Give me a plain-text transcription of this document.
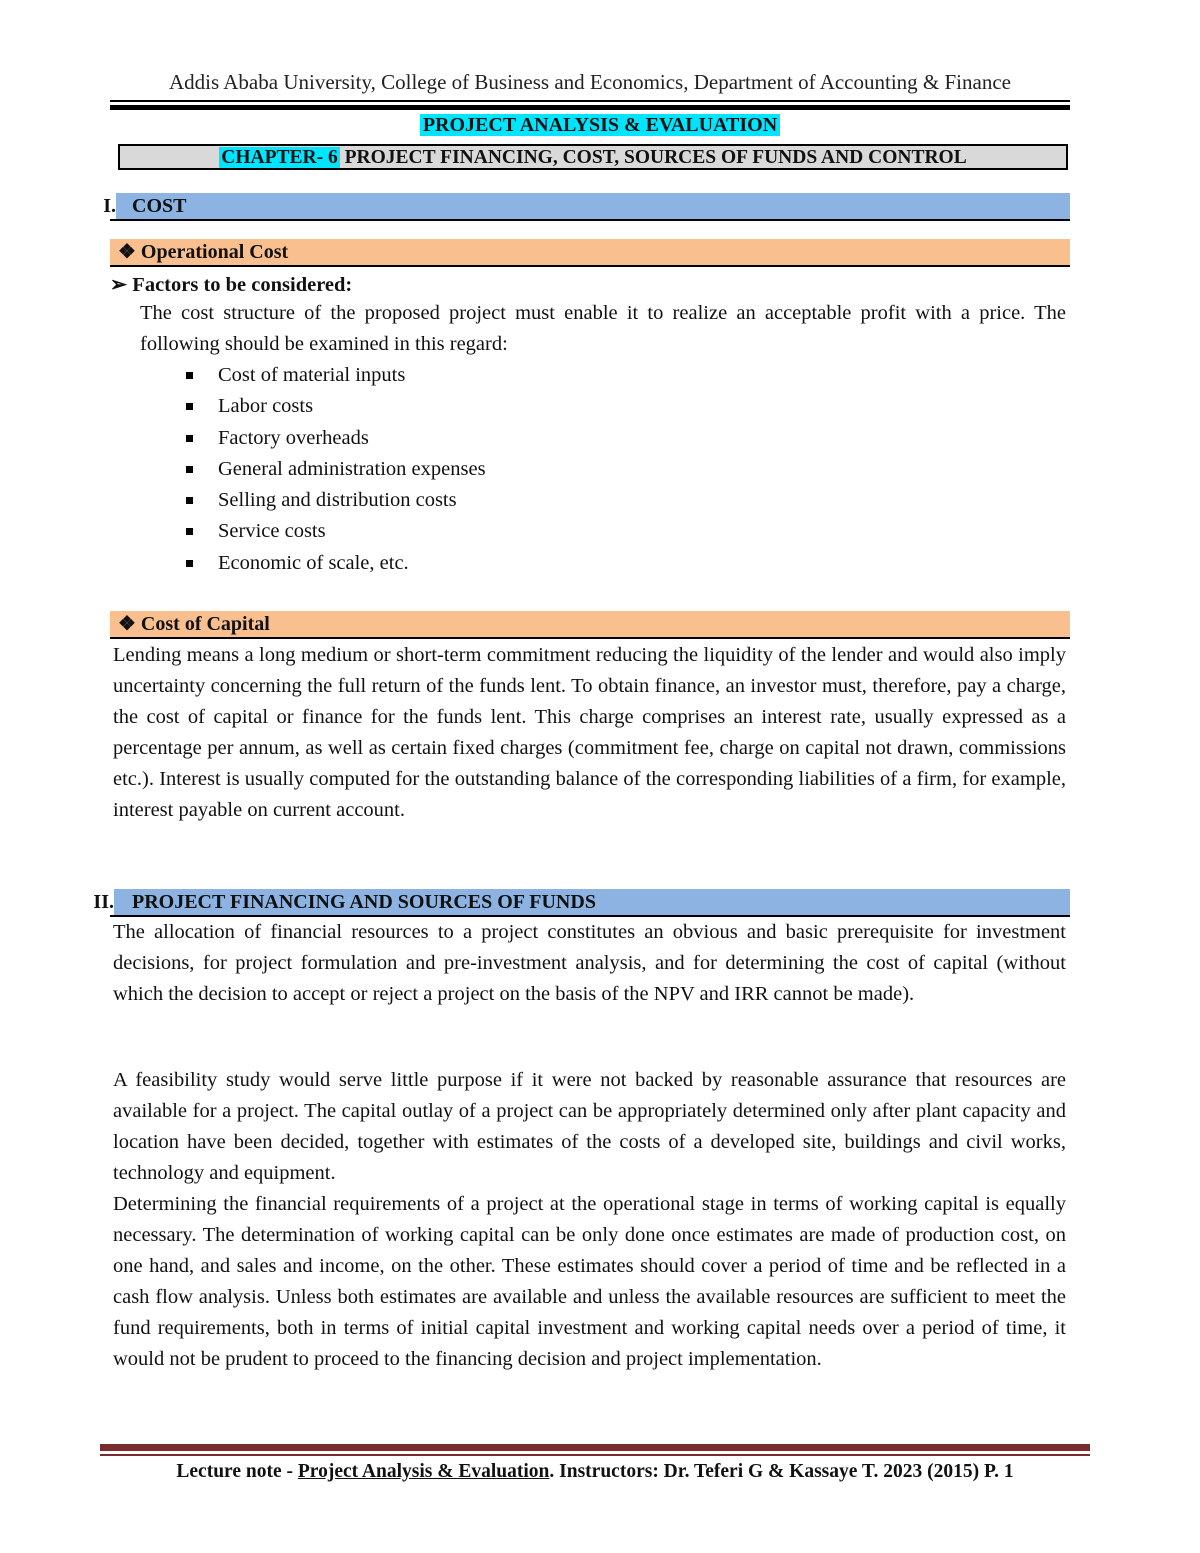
Addis Ababa University, College of Business and Economics, Department of Accounting & Finance
PROJECT ANALYSIS & EVALUATION
CHAPTER- 6 PROJECT FINANCING, COST, SOURCES OF FUNDS AND CONTROL
COST
I.
❖ Operational Cost
➢ Factors to be considered:
The cost structure of the proposed project must enable it to realize an acceptable profit with a price. The following should be examined in this regard:
Cost of material inputs
Labor costs
Factory overheads
General administration expenses
Selling and distribution costs
Service costs
Economic of scale, etc.
❖ Cost of Capital
Lending means a long medium or short-term commitment reducing the liquidity of the lender and would also imply uncertainty concerning the full return of the funds lent. To obtain finance, an investor must, therefore, pay a charge, the cost of capital or finance for the funds lent. This charge comprises an interest rate, usually expressed as a percentage per annum, as well as certain fixed charges (commitment fee, charge on capital not drawn, commissions etc.). Interest is usually computed for the outstanding balance of the corresponding liabilities of a firm, for example, interest payable on current account.
PROJECT FINANCING AND SOURCES OF FUNDS
II.
The allocation of financial resources to a project constitutes an obvious and basic prerequisite for investment decisions, for project formulation and pre-investment analysis, and for determining the cost of capital (without which the decision to accept or reject a project on the basis of the NPV and IRR cannot be made).
A feasibility study would serve little purpose if it were not backed by reasonable assurance that resources are available for a project. The capital outlay of a project can be appropriately determined only after plant capacity and location have been decided, together with estimates of the costs of a developed site, buildings and civil works, technology and equipment.
Determining the financial requirements of a project at the operational stage in terms of working capital is equally necessary. The determination of working capital can be only done once estimates are made of production cost, on one hand, and sales and income, on the other. These estimates should cover a period of time and be reflected in a cash flow analysis. Unless both estimates are available and unless the available resources are sufficient to meet the fund requirements, both in terms of initial capital investment and working capital needs over a period of time, it would not be prudent to proceed to the financing decision and project implementation.
Lecture note - Project Analysis & Evaluation. Instructors: Dr. Teferi G & Kassaye T. 2023 (2015) P. 1
